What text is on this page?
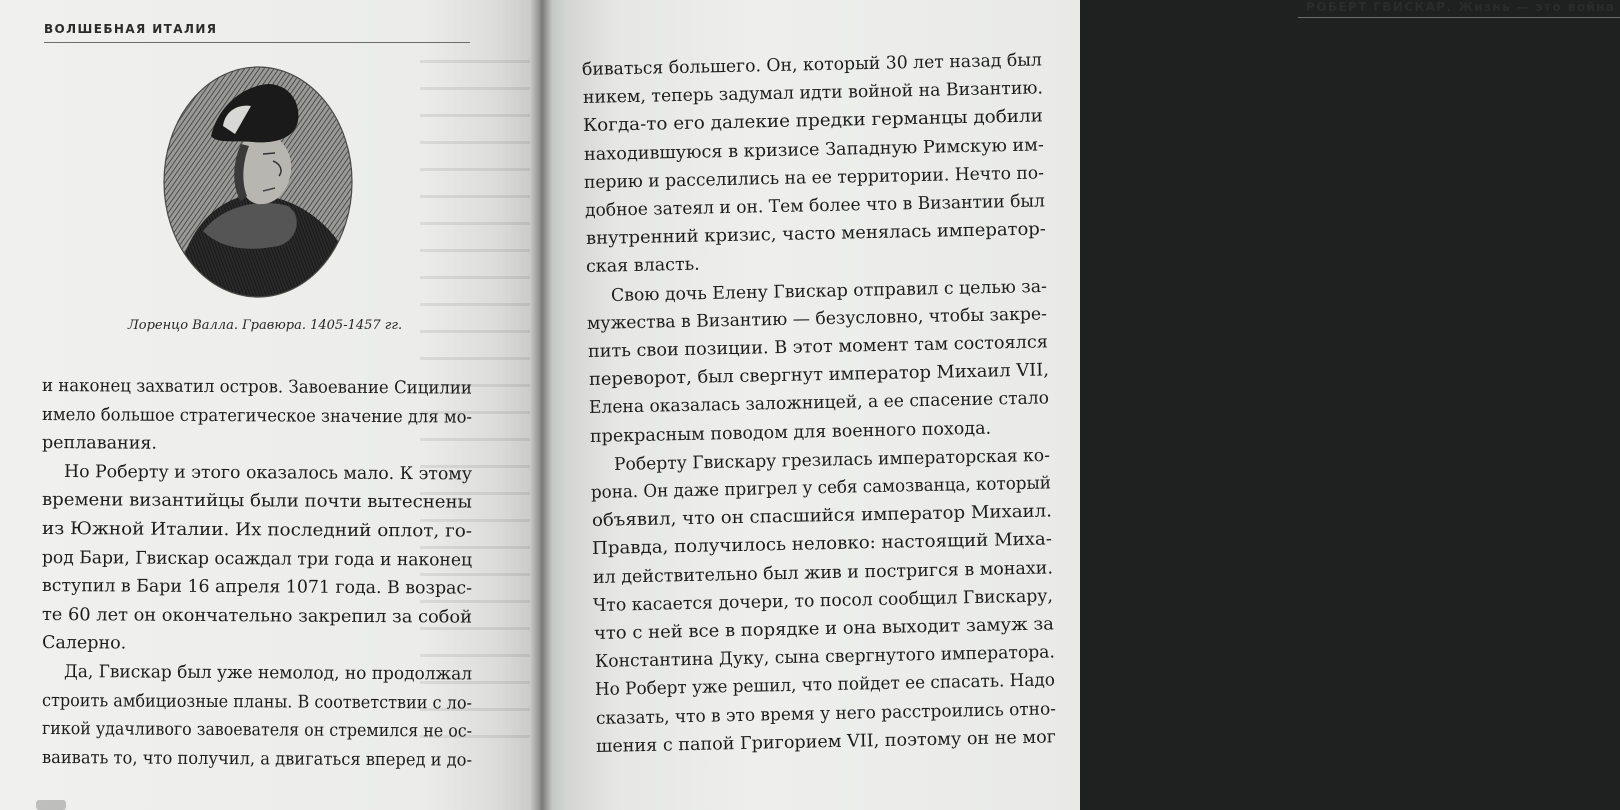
ВОЛШЕБНАЯ ИТАЛИЯ
Лоренцо Валла. Гравюра. 1405-1457 гг.
и наконец захватил остров. Завоевание Сицилии
имело большое стратегическое значение для мо-
реплавания.
Но Роберту и этого оказалось мало. К этому
времени византийцы были почти вытеснены
из Южной Италии. Их последний оплот, го-
род Бари, Гвискар осаждал три года и наконец
вступил в Бари 16 апреля 1071 года. В возрас-
те 60 лет он окончательно закрепил за собой
Салерно.
Да, Гвискар был уже немолод, но продолжал
строить амбициозные планы. В соответствии с ло-
гикой удачливого завоевателя он стремился не ос-
ваивать то, что получил, а двигаться вперед и до-
РОБЕРТ ГВИСКАР. Жизнь — это война
биваться большего. Он, который 30 лет назад был
никем, теперь задумал идти войной на Византию.
Когда-то его далекие предки германцы добили
находившуюся в кризисе Западную Римскую им-
перию и расселились на ее территории. Нечто по-
добное затеял и он. Тем более что в Византии был
внутренний кризис, часто менялась император-
ская власть.
Свою дочь Елену Гвискар отправил с целью за-
мужества в Византию — безусловно, чтобы закре-
пить свои позиции. В этот момент там состоялся
переворот, был свергнут император Михаил VII,
Елена оказалась заложницей, а ее спасение стало
прекрасным поводом для военного похода.
Роберту Гвискару грезилась императорская ко-
рона. Он даже пригрел у себя самозванца, который
объявил, что он спасшийся император Михаил.
Правда, получилось неловко: настоящий Миха-
ил действительно был жив и постригся в монахи.
Что касается дочери, то посол сообщил Гвискару,
что с ней все в порядке и она выходит замуж за
Константина Дуку, сына свергнутого императора.
Но Роберт уже решил, что пойдет ее спасать. Надо
сказать, что в это время у него расстроились отно-
шения с папой Григорием VII, поэтому он не мог
